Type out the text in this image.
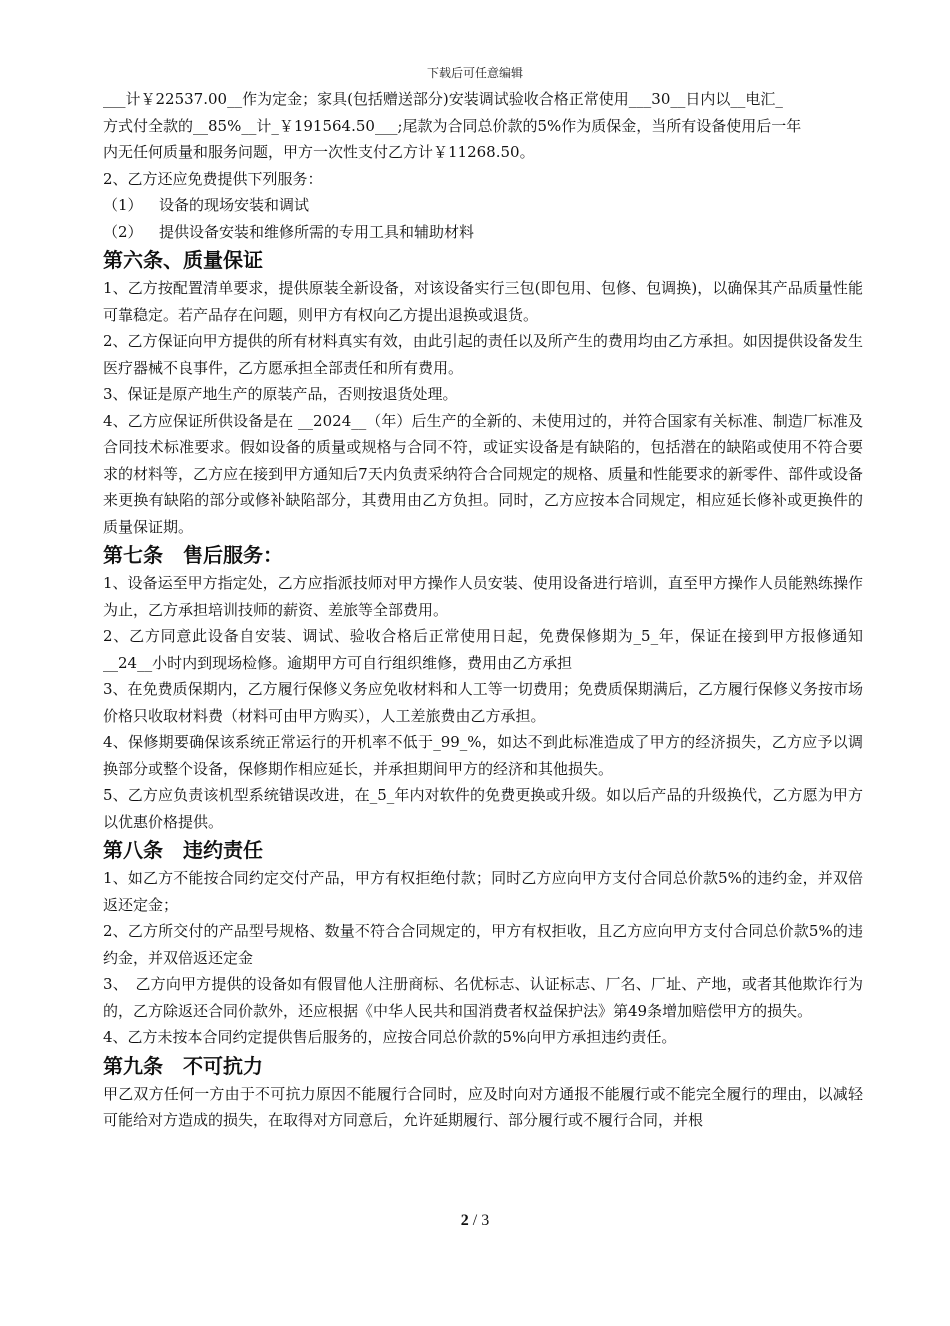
下载后可任意编辑

___计￥22537.00__作为定金；家具(包括赠送部分)安装调试验收合格正常使用___30__日内以__电汇_

方式付全款的__85%__计_￥191564.50___;尾款为合同总价款的5%作为质保金，当所有设备使用后一年

内无任何质量和服务问题，甲方一次性支付乙方计￥11268.50。

2、乙方还应免费提供下列服务：

（1）	设备的现场安装和调试
（2）	提供设备安装和维修所需的专用工具和辅助材料
第六条、质量保证

1、乙方按配置清单要求，提供原装全新设备，对该设备实行三包(即包用、包修、包调换)，以确保其产品质量性能可靠稳定。若产品存在问题，则甲方有权向乙方提出退换或退货。

2、乙方保证向甲方提供的所有材料真实有效，由此引起的责任以及所产生的费用均由乙方承担。如因提供设备发生医疗器械不良事件，乙方愿承担全部责任和所有费用。

3、保证是原产地生产的原装产品，否则按退货处理。

4、乙方应保证所供设备是在 __2024__（年）后生产的全新的、未使用过的，并符合国家有关标准、制造厂标准及合同技术标准要求。假如设备的质量或规格与合同不符，或证实设备是有缺陷的，包括潜在的缺陷或使用不符合要求的材料等，乙方应在接到甲方通知后7天内负责采纳符合合同规定的规格、质量和性能要求的新零件、部件或设备来更换有缺陷的部分或修补缺陷部分，其费用由乙方负担。同时，乙方应按本合同规定，相应延长修补或更换件的质量保证期。

第七条　售后服务：

1、设备运至甲方指定处，乙方应指派技师对甲方操作人员安装、使用设备进行培训，直至甲方操作人员能熟练操作为止，乙方承担培训技师的薪资、差旅等全部费用。

2、乙方同意此设备自安装、调试、验收合格后正常使用日起，免费保修期为_5_年，保证在接到甲方报修通知__24__小时内到现场检修。逾期甲方可自行组织维修，费用由乙方承担

3、在免费质保期内，乙方履行保修义务应免收材料和人工等一切费用；免费质保期满后，乙方履行保修义务按市场价格只收取材料费（材料可由甲方购买），人工差旅费由乙方承担。

4、保修期要确保该系统正常运行的开机率不低于_99_%，如达不到此标准造成了甲方的经济损失，乙方应予以调换部分或整个设备，保修期作相应延长，并承担期间甲方的经济和其他损失。

5、乙方应负责该机型系统错误改进，在_5_年内对软件的免费更换或升级。如以后产品的升级换代，乙方愿为甲方以优惠价格提供。

第八条　违约责任

1、如乙方不能按合同约定交付产品，甲方有权拒绝付款；同时乙方应向甲方支付合同总价款5%的违约金，并双倍返还定金；

2、乙方所交付的产品型号规格、数量不符合合同规定的，甲方有权拒收，且乙方应向甲方支付合同总价款5%的违约金，并双倍返还定金

3、　乙方向甲方提供的设备如有假冒他人注册商标、名优标志、认证标志、厂名、厂址、产地，或者其他欺诈行为的，乙方除返还合同价款外，还应根据《中华人民共和国消费者权益保护法》第49条增加赔偿甲方的损失。

4、乙方未按本合同约定提供售后服务的，应按合同总价款的5%向甲方承担违约责任。

第九条　不可抗力

甲乙双方任何一方由于不可抗力原因不能履行合同时，应及时向对方通报不能履行或不能完全履行的理由，以减轻可能给对方造成的损失，在取得对方同意后，允许延期履行、部分履行或不履行合同，并根

2 / 3
